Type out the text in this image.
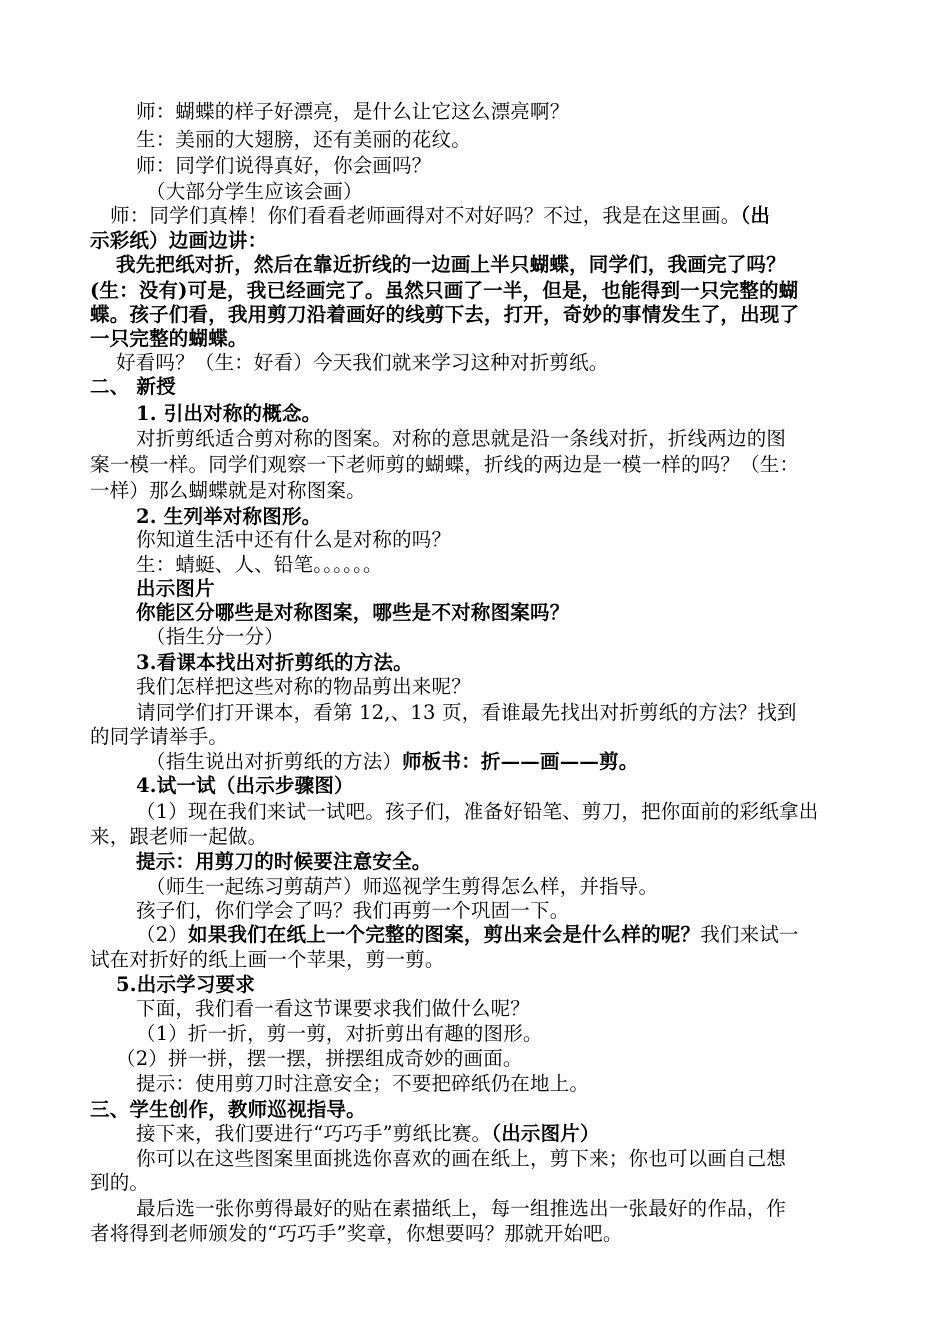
师：蝴蝶的样子好漂亮，是什么让它这么漂亮啊？
生：美丽的大翅膀，还有美丽的花纹。
师：同学们说得真好，你会画吗？
（大部分学生应该会画）
师：同学们真棒！你们看看老师画得对不对好吗？不过，我是在这里画。（出
示彩纸）边画边讲：
我先把纸对折，然后在靠近折线的一边画上半只蝴蝶，同学们，我画完了吗？
(生：没有)可是，我已经画完了。虽然只画了一半，但是，也能得到一只完整的蝴
蝶。孩子们看，我用剪刀沿着画好的线剪下去，打开，奇妙的事情发生了，出现了
一只完整的蝴蝶。
好看吗？（生：好看）今天我们就来学习这种对折剪纸。
二、 新授
1. 引出对称的概念。
对折剪纸适合剪对称的图案。对称的意思就是沿一条线对折，折线两边的图
案一模一样。同学们观察一下老师剪的蝴蝶，折线的两边是一模一样的吗？（生：
一样）那么蝴蝶就是对称图案。
2. 生列举对称图形。
你知道生活中还有什么是对称的吗？
生：蜻蜓、人、铅笔。。。。。。
出示图片
你能区分哪些是对称图案，哪些是不对称图案吗？
（指生分一分）
3.看课本找出对折剪纸的方法。
我们怎样把这些对称的物品剪出来呢？
请同学们打开课本，看第 12,、13 页，看谁最先找出对折剪纸的方法？找到
的同学请举手。
（指生说出对折剪纸的方法）师板书：折——画——剪。
4.试一试（出示步骤图）
（1）现在我们来试一试吧。孩子们，准备好铅笔、剪刀，把你面前的彩纸拿出
来，跟老师一起做。
提示：用剪刀的时候要注意安全。
（师生一起练习剪葫芦）师巡视学生剪得怎么样，并指导。
孩子们，你们学会了吗？我们再剪一个巩固一下。
（2）如果我们在纸上一个完整的图案，剪出来会是什么样的呢？我们来试一
试在对折好的纸上画一个苹果，剪一剪。
5.出示学习要求
下面，我们看一看这节课要求我们做什么呢？
（1）折一折，剪一剪，对折剪出有趣的图形。
（2）拼一拼，摆一摆，拼摆组成奇妙的画面。
提示：使用剪刀时注意安全；不要把碎纸仍在地上。
三、学生创作，教师巡视指导。
接下来，我们要进行“巧巧手”剪纸比赛。（出示图片）
你可以在这些图案里面挑选你喜欢的画在纸上，剪下来；你也可以画自己想
到的。
最后选一张你剪得最好的贴在素描纸上，每一组推选出一张最好的作品，作
者将得到老师颁发的“巧巧手”奖章，你想要吗？那就开始吧。
